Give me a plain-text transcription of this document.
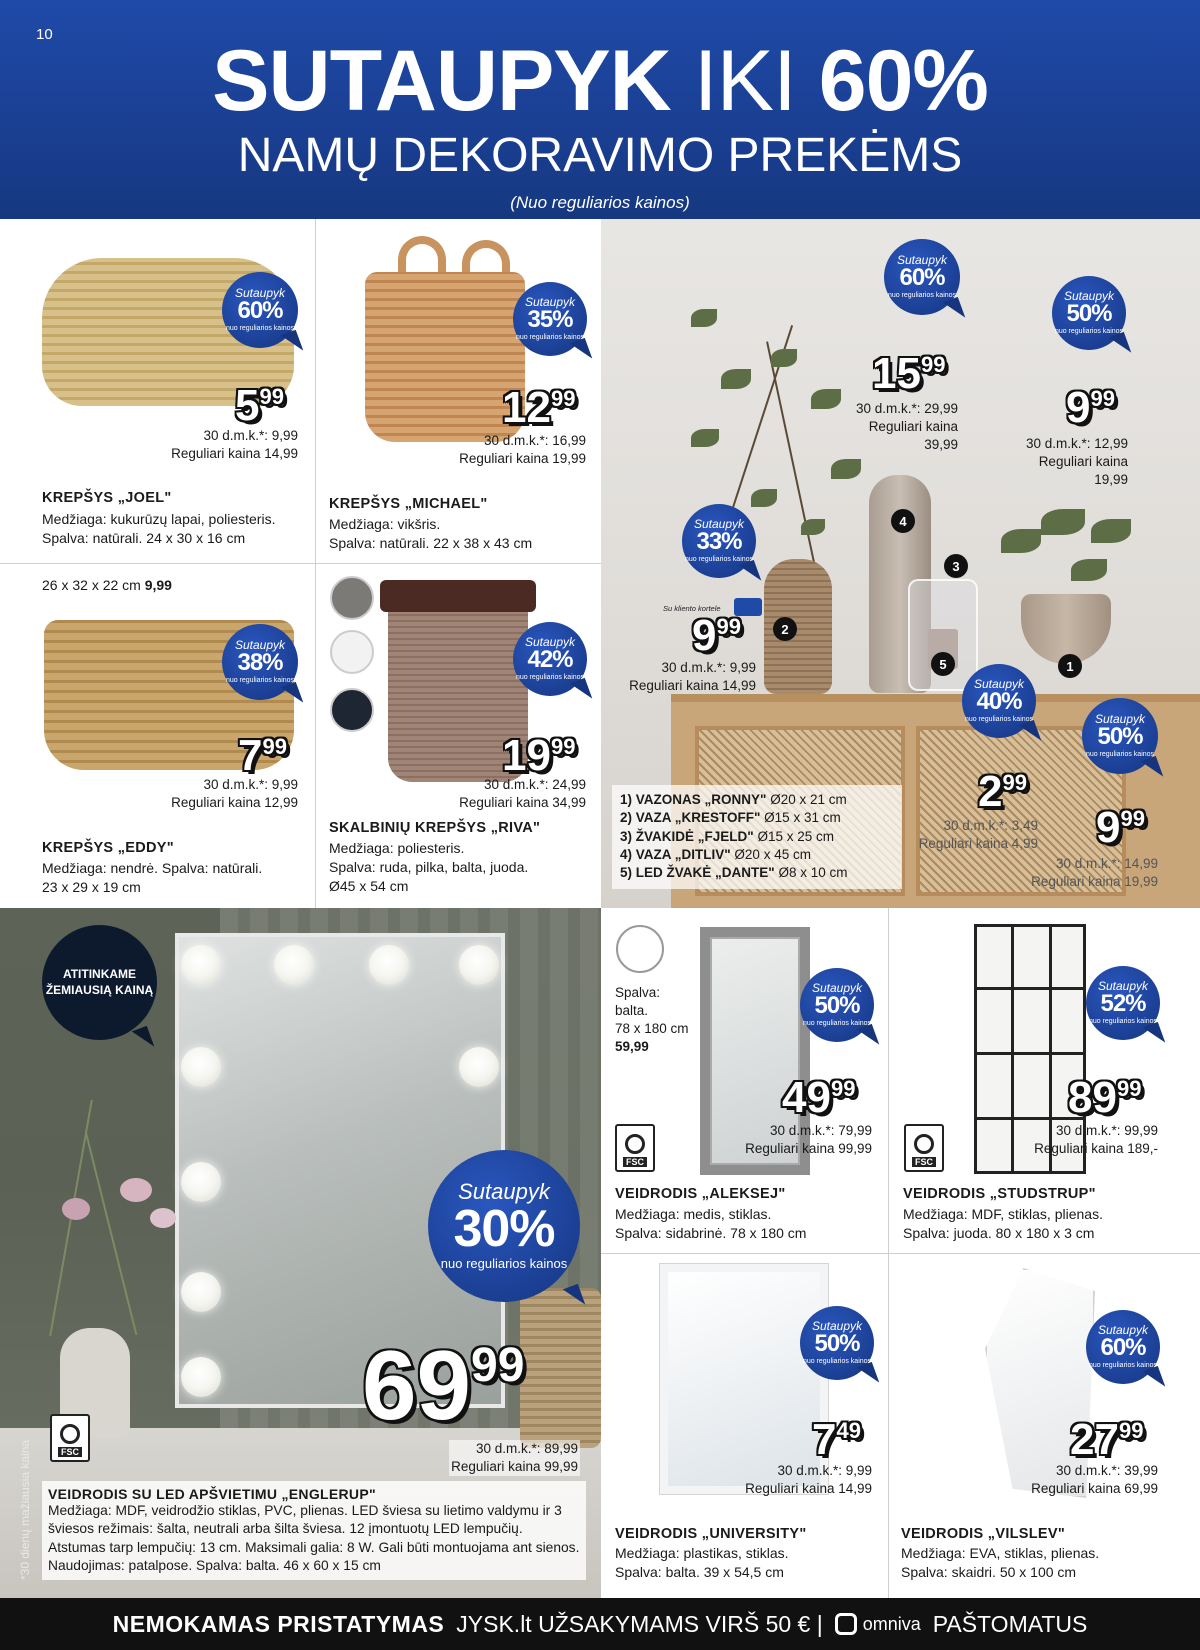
10	SUTAUPYK IKI 60%
NAMŲ DEKORAVIMO PREKĖMS
(Nuo reguliarios kainos)
Sutaupyk
60%
nuo reguliarios kainos
599
30 d.m.k.*: 9,99
Reguliari kaina 14,99
KREPŠYS „JOEL"
Medžiaga: kukurūzų lapai, poliesteris.
Spalva: natūrali. 24 x 30 x 16 cm
Sutaupyk
35%
nuo reguliarios kainos
1299
30 d.m.k.*: 16,99
Reguliari kaina 19,99
KREPŠYS „MICHAEL"
Medžiaga: vikšris.
Spalva: natūrali. 22 x 38 x 43 cm
26 x 32 x 22 cm 9,99
Sutaupyk
38%
nuo reguliarios kainos
799
30 d.m.k.*: 9,99
Reguliari kaina 12,99
KREPŠYS „EDDY"
Medžiaga: nendrė. Spalva: natūrali.
23 x 29 x 19 cm
Sutaupyk
42%
nuo reguliarios kainos
1999
30 d.m.k.*: 24,99
Reguliari kaina 34,99
SKALBINIŲ KREPŠYS „RIVA"
Medžiaga: poliesteris.
Spalva: ruda, pilka, balta, juoda.
Ø45 x 54 cm
1
2
3
4
5
Sutaupyk
60%
nuo reguliarios kainos
1599
30 d.m.k.*: 29,99
Reguliari kaina
39,99
Sutaupyk
50%
nuo reguliarios kainos
999
30 d.m.k.*: 12,99
Reguliari kaina
19,99
Sutaupyk
33%
nuo reguliarios kainos
Su kliento kortele
999
30 d.m.k.*: 9,99
Reguliari kaina 14,99	Sutaupyk
40%
nuo reguliarios kainos
299
30 d.m.k.*: 3,49
Reguliari kaina 4,99
Sutaupyk
50%
nuo reguliarios kainos
999
30 d.m.k.*: 14,99
Reguliari kaina 19,99
1) VAZONAS „RONNY" Ø20 x 21 cm
2) VAZA „KRESTOFF" Ø15 x 31 cm
3) ŽVAKIDĖ „FJELD" Ø15 x 25 cm
4) VAZA „DITLIV" Ø20 x 45 cm
5) LED ŽVAKĖ „DANTE" Ø8 x 10 cm
ATITINKAME ŽEMIAUSIĄ KAINĄ
Sutaupyk
30%
nuo reguliarios kainos
6999
30 d.m.k.*: 89,99
Reguliari kaina 99,99
FSC
VEIDRODIS SU LED APŠVIETIMU „ENGLERUP"
Medžiaga: MDF, veidrodžio stiklas, PVC, plienas. LED šviesa su lietimo valdymu ir 3 šviesos režimais: šalta, neutrali arba šilta šviesa. 12 įmontuotų LED lempučių. Atstumas tarp lempučių: 13 cm. Maksimali galia: 8 W. Gali būti montuojama ant sienos. Naudojimas: patalpose. Spalva: balta. 46 x 60 x 15 cm
*30 dienų mažiausia kaina
Spalva:
balta.
78 x 180 cm
59,99
Sutaupyk
50%
nuo reguliarios kainos
4999
30 d.m.k.*: 79,99
Reguliari kaina 99,99
FSC
VEIDRODIS „ALEKSEJ"
Medžiaga: medis, stiklas.
Spalva: sidabrinė. 78 x 180 cm
Sutaupyk
52%
nuo reguliarios kainos
8999
30 d.m.k.*: 99,99
Reguliari kaina 189,-
FSC
VEIDRODIS „STUDSTRUP"
Medžiaga: MDF, stiklas, plienas.
Spalva: juoda. 80 x 180 x 3 cm
Sutaupyk
50%
nuo reguliarios kainos
749
30 d.m.k.*: 9,99
Reguliari kaina 14,99
VEIDRODIS „UNIVERSITY"
Medžiaga: plastikas, stiklas.
Spalva: balta. 39 x 54,5 cm
Sutaupyk
60%
nuo reguliarios kainos
2799
30 d.m.k.*: 39,99
Reguliari kaina 69,99
VEIDRODIS „VILSLEV"
Medžiaga: EVA, stiklas, plienas.
Spalva: skaidri. 50 x 100 cm
NEMOKAMAS PRISTATYMAS JYSK.lt UŽSAKYMAMS VIRŠ 50 € | omniva PAŠTOMATUS
